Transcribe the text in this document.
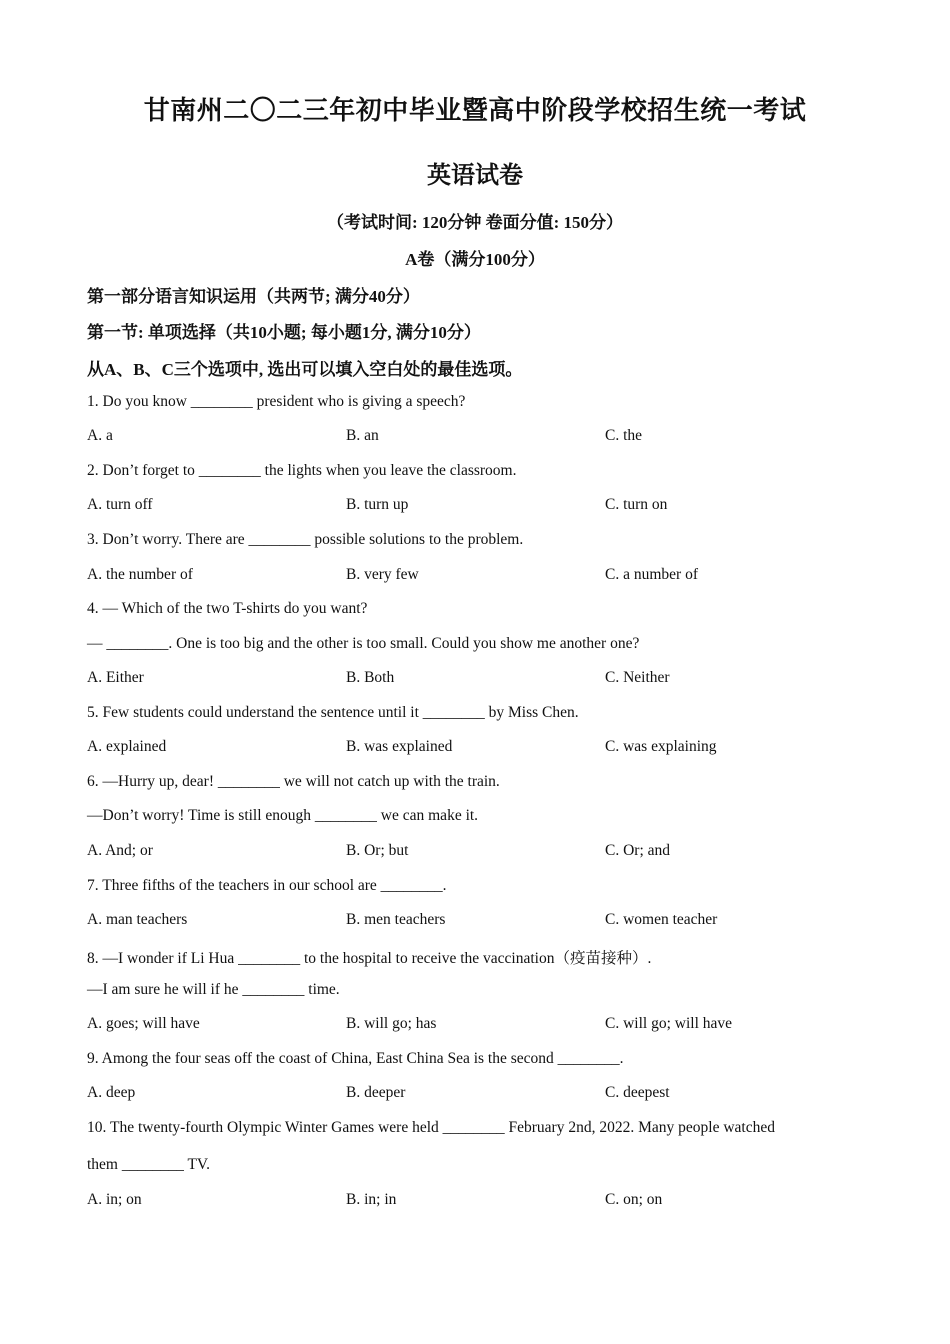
甘南州二〇二三年初中毕业暨高中阶段学校招生统一考试
英语试卷
（考试时间: 120分钟 卷面分值: 150分）
A卷（满分100分）
第一部分语言知识运用（共两节; 满分40分）
第一节: 单项选择（共10小题; 每小题1分, 满分10分）
从A、B、C三个选项中, 选出可以填入空白处的最佳选项。
1. Do you know ________ president who is giving a speech?
A. a	B. an	C. the
2. Don’t forget to ________ the lights when you leave the classroom.
A. turn off	B. turn up	C. turn on
3. Don’t worry. There are ________ possible solutions to the problem.
A. the number of	B. very few	C. a number of
4. — Which of the two T-shirts do you want?
— ________. One is too big and the other is too small. Could you show me another one?
A. Either	B. Both	C. Neither
5. Few students could understand the sentence until it ________ by Miss Chen.
A. explained	B. was explained	C. was explaining
6. —Hurry up, dear! ________ we will not catch up with the train.
—Don’t worry! Time is still enough ________ we can make it.
A. And; or	B. Or; but	C. Or; and
7. Three fifths of the teachers in our school are ________.
A. man teachers	B. men teachers	C. women teacher
8. —I wonder if Li Hua ________ to the hospital to receive the vaccination（疫苗接种）.
—I am sure he will if he ________ time.
A. goes; will have	B. will go; has	C. will go; will have
9. Among the four seas off the coast of China, East China Sea is the second ________.
A. deep	B. deeper	C. deepest
10. The twenty-fourth Olympic Winter Games were held ________ February 2nd, 2022. Many people watched
them ________ TV.
A. in; on	B. in; in	C. on; on
